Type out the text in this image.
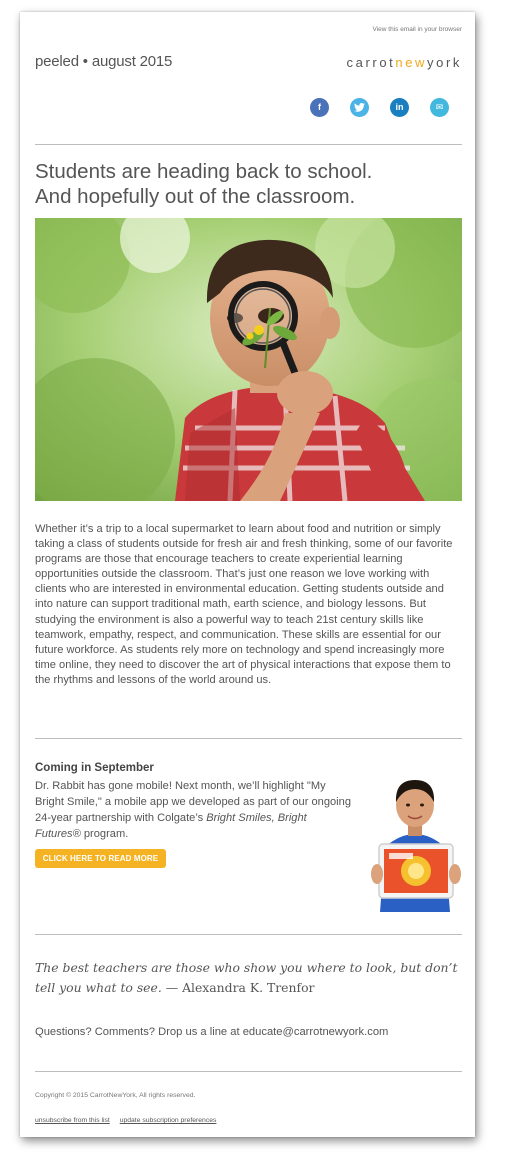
View this email in your browser
peeled • august 2015	carrotnewyork
f	in	✉
Students are heading back to school.
And hopefully out of the classroom.

Whether it’s a trip to a local supermarket to learn about food and nutrition or simply taking a class of students outside for fresh air and fresh thinking, some of our favorite programs are those that encourage teachers to create experiential learning opportunities outside the classroom. That’s just one reason we love working with clients who are interested in environmental education. Getting students outside and into nature can support traditional math, earth science, and biology lessons. But studying the environment is also a powerful way to teach 21st century skills like teamwork, empathy, respect, and communication. These skills are essential for our future workforce. As students rely more on technology and spend increasingly more time online, they need to discover the art of physical interactions that expose them to the rhythms and lessons of the world around us.

Coming in September

Dr. Rabbit has gone mobile! Next month, we’ll highlight "My Bright Smile," a mobile app we developed as part of our ongoing 24-year partnership with Colgate’s Bright Smiles, Bright Futures® program.

CLICK HERE TO READ MORE

The best teachers are those who show you where to look, but don’t tell you what to see. — Alexandra K. Trenfor

Questions? Comments? Drop us a line at educate@carrotnewyork.com
Copyright © 2015 CarrotNewYork, All rights reserved.
unsubscribe from this list update subscription preferences
